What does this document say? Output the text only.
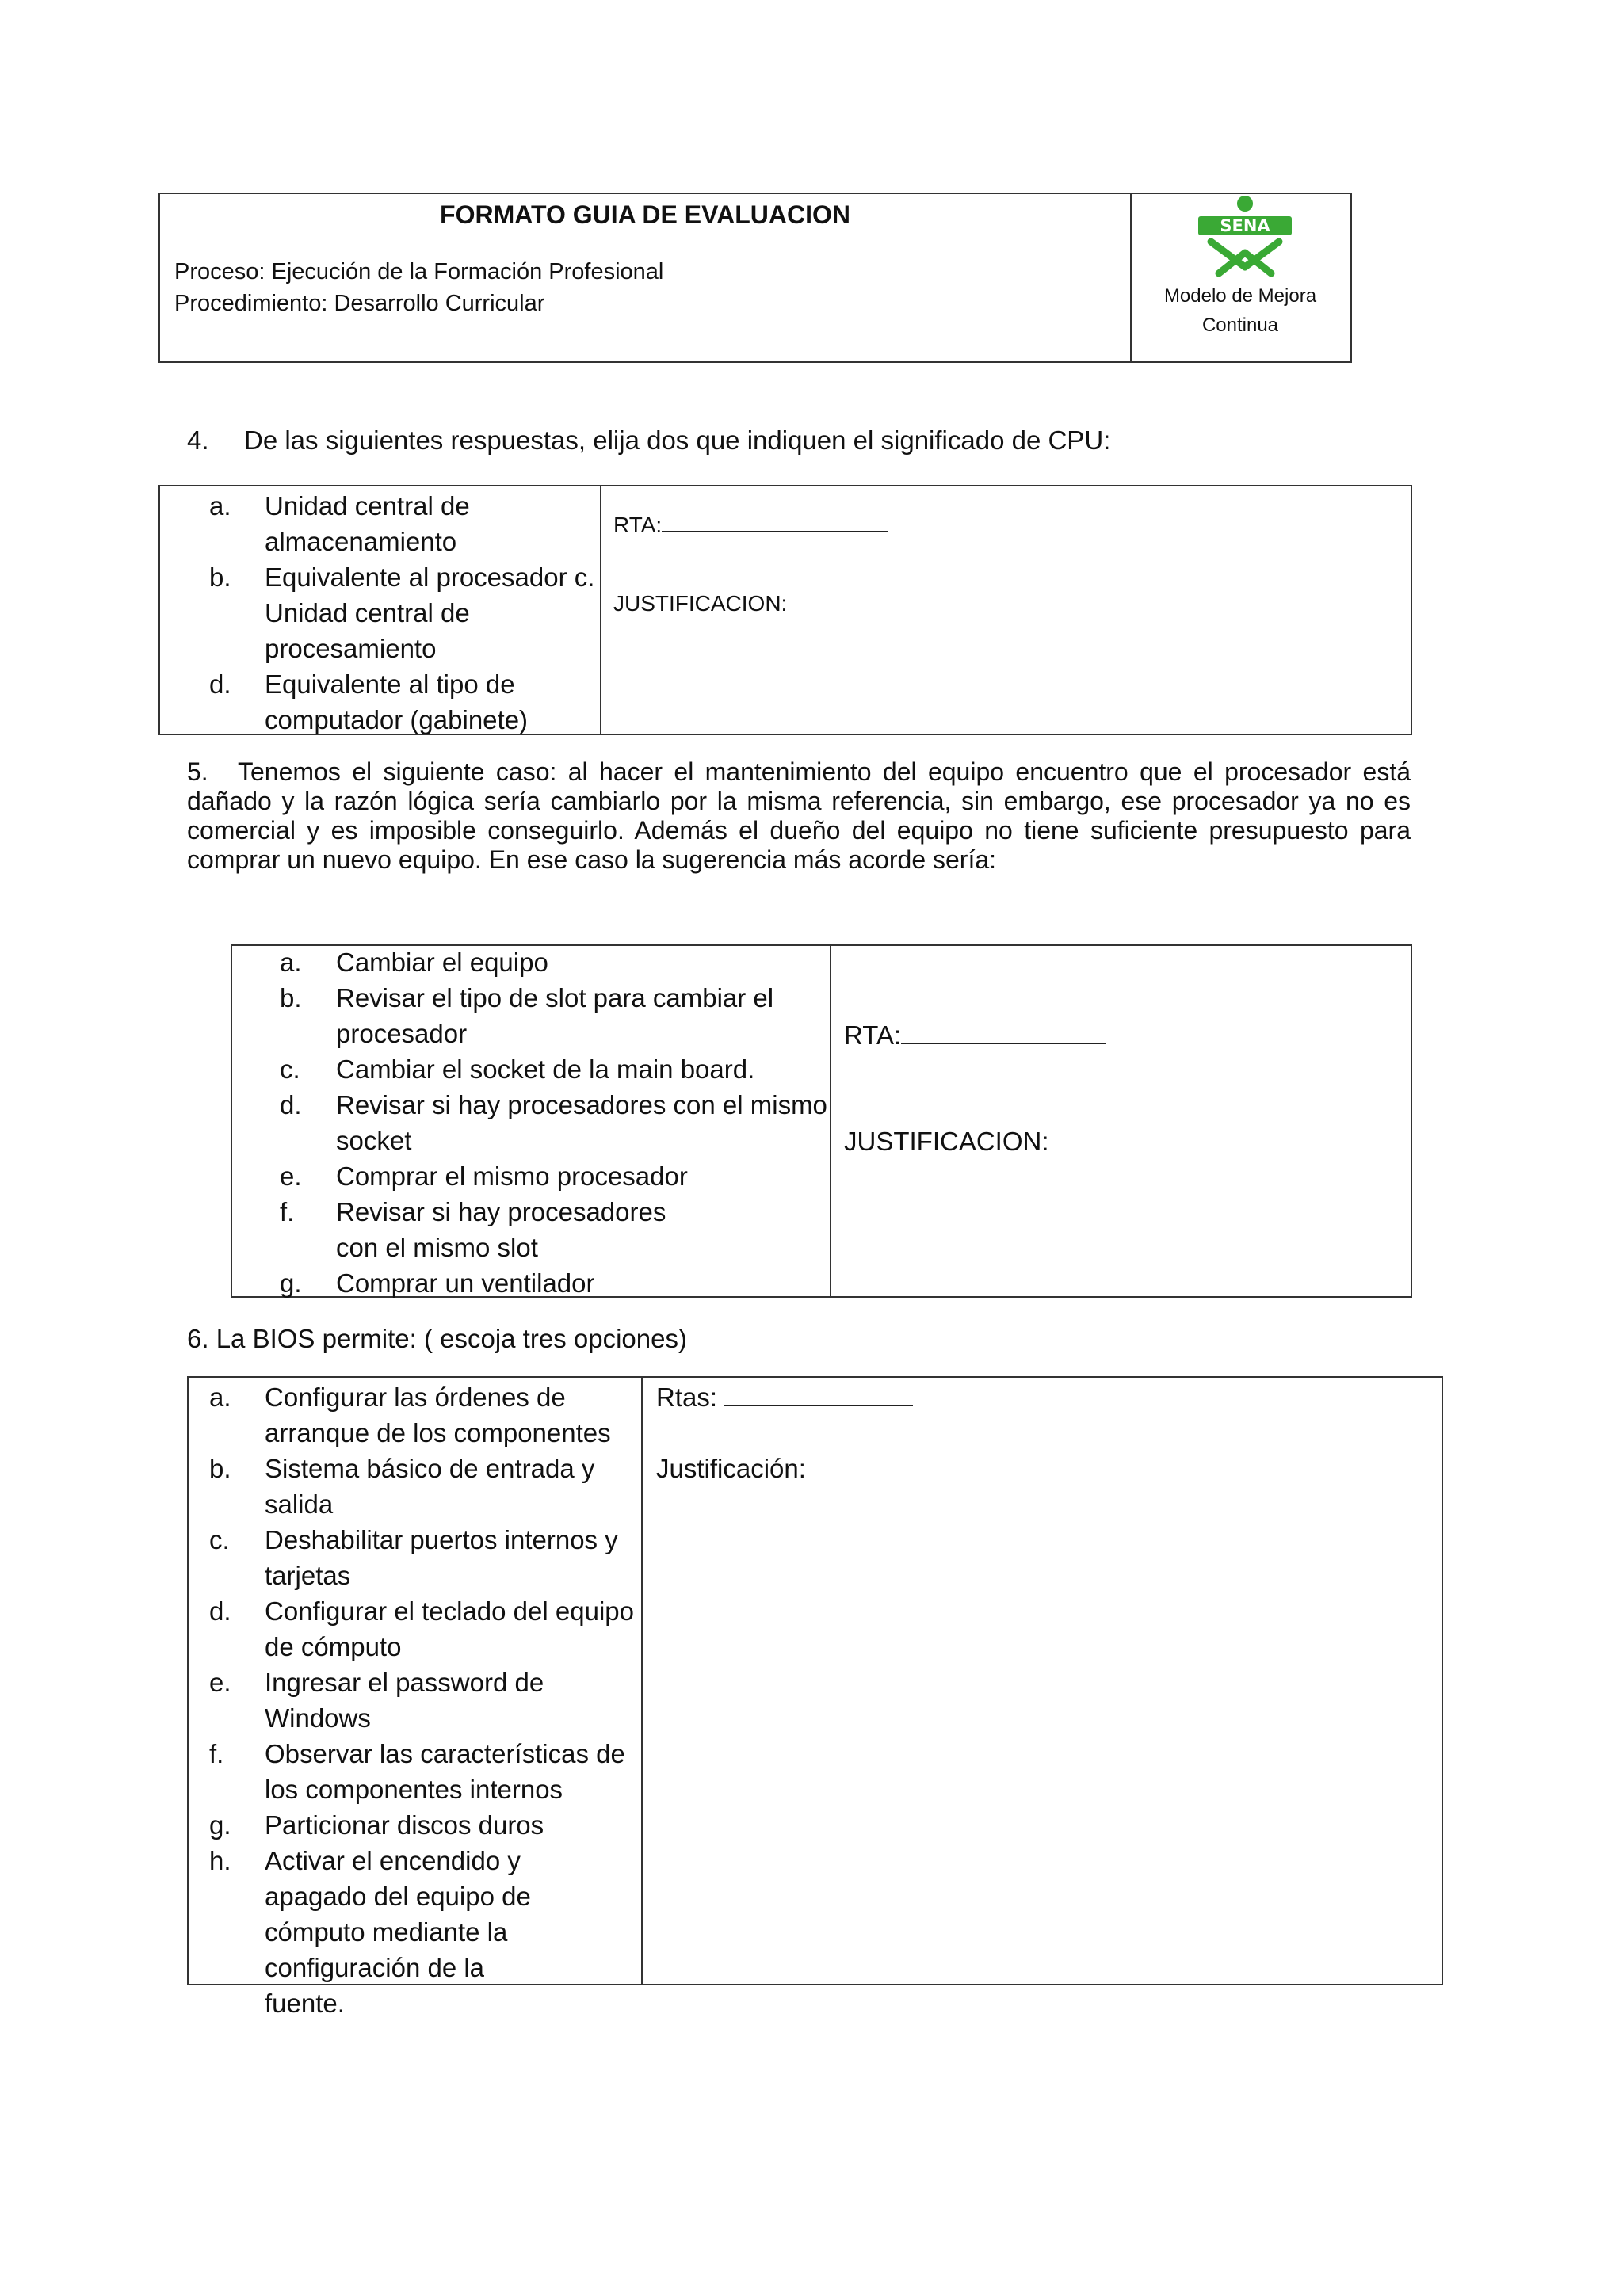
FORMATO GUIA DE EVALUACION
Proceso: Ejecución de la Formación Profesional
Procedimiento: Desarrollo Curricular
SENA
Modelo de Mejora
Continua
4. De las siguientes respuestas, elija dos que indiquen el significado de CPU:
a.	Unidad central de almacenamiento
b.	Equivalente al procesador c. Unidad central de procesamiento
d.	Equivalente al tipo de computador (gabinete)
RTA:
JUSTIFICACION:
5. Tenemos el siguiente caso: al hacer el mantenimiento del equipo encuentro que el procesador está dañado y la razón lógica sería cambiarlo por la misma referencia, sin embargo, ese procesador ya no es comercial y es imposible conseguirlo. Además el dueño del equipo no tiene suficiente presupuesto para comprar un nuevo equipo. En ese caso la sugerencia más acorde sería:
a.	Cambiar el equipo
b.	Revisar el tipo de slot para cambiar el procesador
c.	Cambiar el socket de la main board.
d.	Revisar si hay procesadores con el mismo socket
e.	Comprar el mismo procesador
f.	Revisar si hay procesadores con el mismo slot
g.	Comprar un ventilador
RTA:
JUSTIFICACION:
6. La BIOS permite: ( escoja tres opciones)
a.	Configurar las órdenes de arranque de los componentes
b.	Sistema básico de entrada y salida
c.	Deshabilitar puertos internos y tarjetas
d.	Configurar el teclado del equipo de cómputo
e.	Ingresar el password de Windows
f.	Observar las características de los componentes internos
g.	Particionar discos duros
h.	Activar el encendido y apagado del equipo de cómputo mediante la configuración de la fuente.
Rtas:
Justificación:
